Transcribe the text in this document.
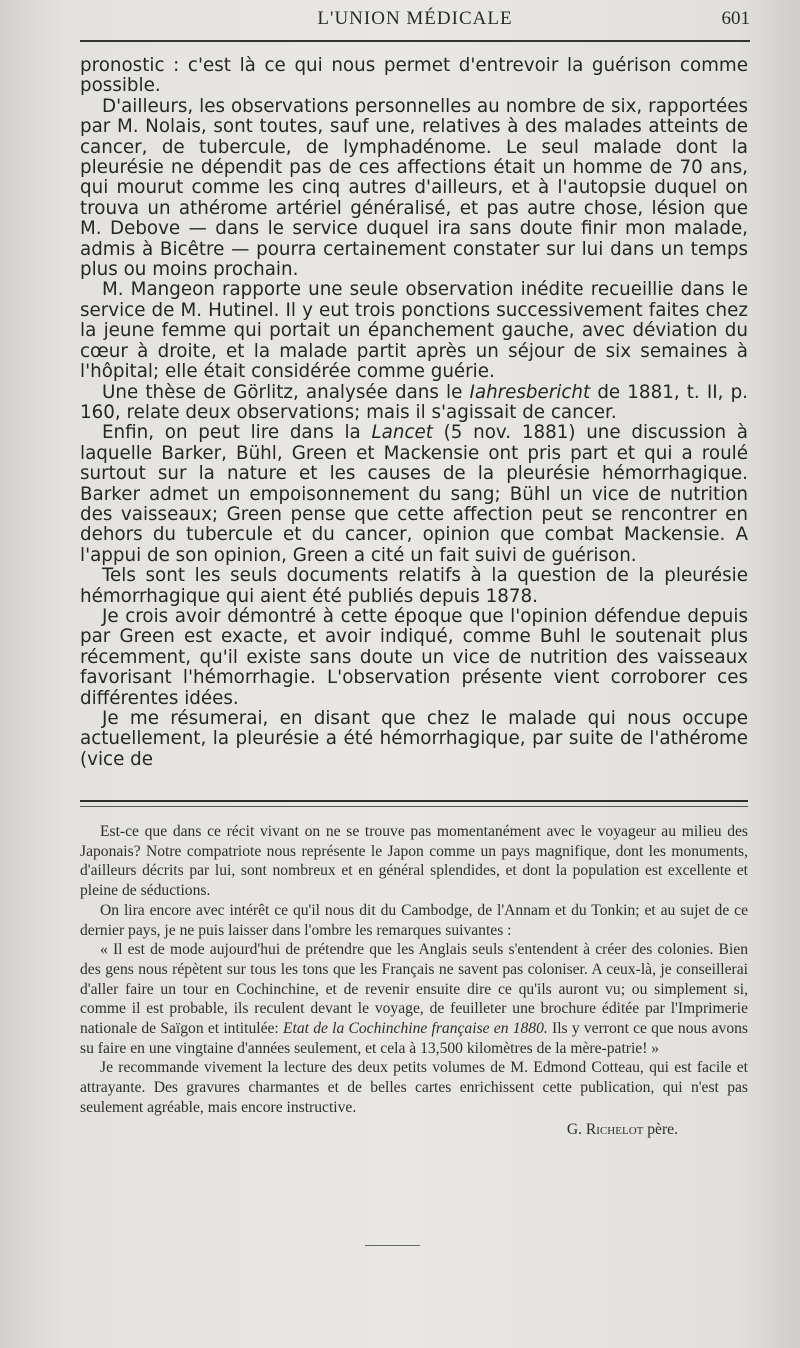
L'UNION MÉDICALE	601

pronostic : c'est là ce qui nous permet d'entrevoir la guérison comme possible.

D'ailleurs, les observations personnelles au nombre de six, rapportées par M. Nolais, sont toutes, sauf une, relatives à des malades atteints de cancer, de tubercule, de lymphadénome. Le seul malade dont la pleurésie ne dépendit pas de ces affections était un homme de 70 ans, qui mourut comme les cinq autres d'ailleurs, et à l'autopsie duquel on trouva un athérome artériel généralisé, et pas autre chose, lésion que M. Debove — dans le service duquel ira sans doute finir mon malade, admis à Bicêtre — pourra certainement constater sur lui dans un temps plus ou moins prochain.

M. Mangeon rapporte une seule observation inédite recueillie dans le service de M. Hutinel. Il y eut trois ponctions successivement faites chez la jeune femme qui portait un épanchement gauche, avec déviation du cœur à droite, et la malade partit après un séjour de six semaines à l'hôpital; elle était considérée comme guérie.

Une thèse de Görlitz, analysée dans le Iahresbericht de 1881, t. II, p. 160, relate deux observations; mais il s'agissait de cancer.

Enfin, on peut lire dans la Lancet (5 nov. 1881) une discussion à laquelle Barker, Bühl, Green et Mackensie ont pris part et qui a roulé surtout sur la nature et les causes de la pleurésie hémorrhagique. Barker admet un empoisonnement du sang; Bühl un vice de nutrition des vaisseaux; Green pense que cette affection peut se rencontrer en dehors du tubercule et du cancer, opinion que combat Mackensie. A l'appui de son opinion, Green a cité un fait suivi de guérison.

Tels sont les seuls documents relatifs à la question de la pleurésie hémorrhagique qui aient été publiés depuis 1878.

Je crois avoir démontré à cette époque que l'opinion défendue depuis par Green est exacte, et avoir indiqué, comme Buhl le soutenait plus récemment, qu'il existe sans doute un vice de nutrition des vaisseaux favorisant l'hémorrhagie. L'observation présente vient corroborer ces différentes idées.

Je me résumerai, en disant que chez le malade qui nous occupe actuellement, la pleurésie a été hémorrhagique, par suite de l'athérome (vice de

Est-ce que dans ce récit vivant on ne se trouve pas momentanément avec le voyageur au milieu des Japonais? Notre compatriote nous représente le Japon comme un pays magnifique, dont les monuments, d'ailleurs décrits par lui, sont nombreux et en général splendides, et dont la population est excellente et pleine de séductions.

On lira encore avec intérêt ce qu'il nous dit du Cambodge, de l'Annam et du Tonkin; et au sujet de ce dernier pays, je ne puis laisser dans l'ombre les remarques suivantes :

« Il est de mode aujourd'hui de prétendre que les Anglais seuls s'entendent à créer des colonies. Bien des gens nous répètent sur tous les tons que les Français ne savent pas coloniser. A ceux-là, je conseillerai d'aller faire un tour en Cochinchine, et de revenir ensuite dire ce qu'ils auront vu; ou simplement si, comme il est probable, ils reculent devant le voyage, de feuilleter une brochure éditée par l'Imprimerie nationale de Saïgon et intitulée: Etat de la Cochinchine française en 1880. Ils y verront ce que nous avons su faire en une vingtaine d'années seulement, et cela à 13,500 kilomètres de la mère-patrie! »

Je recommande vivement la lecture des deux petits volumes de M. Edmond Cotteau, qui est facile et attrayante. Des gravures charmantes et de belles cartes enrichissent cette publication, qui n'est pas seulement agréable, mais encore instructive.

G. Richelot père.
